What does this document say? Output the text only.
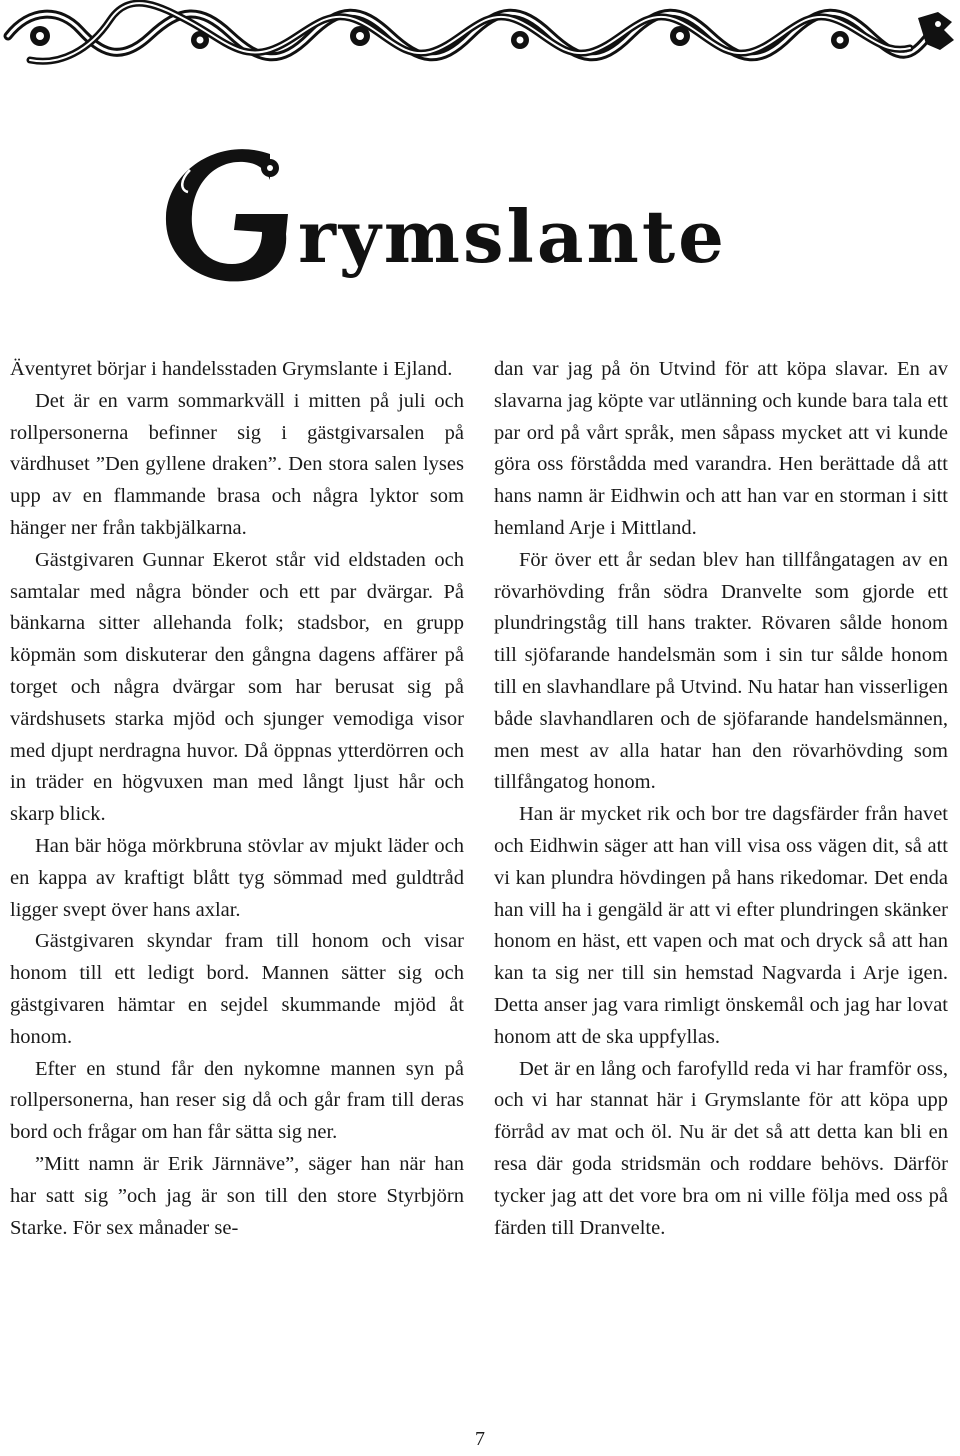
rymslante

Äventyret börjar i handelsstaden Grymslante i Ejland.

Det är en varm sommarkväll i mitten på juli och rollpersonerna befinner sig i gästgivarsalen på värdhuset ”Den gyllene draken”. Den stora salen lyses upp av en flammande brasa och några lyktor som hänger ner från takbjälkarna.

Gästgivaren Gunnar Ekerot står vid eldstaden och samtalar med några bönder och ett par dvärgar. På bänkarna sitter allehanda folk; stadsbor, en grupp köpmän som diskuterar den gångna dagens affärer på torget och några dvärgar som har berusat sig på värdshusets starka mjöd och sjunger vemodiga visor med djupt nerdragna huvor. Då öppnas ytterdörren och in träder en högvuxen man med långt ljust hår och skarp blick.

Han bär höga mörkbruna stövlar av mjukt läder och en kappa av kraftigt blått tyg sömmad med guldtråd ligger svept över hans axlar.

Gästgivaren skyndar fram till honom och visar honom till ett ledigt bord. Mannen sätter sig och gästgivaren hämtar en sejdel skummande mjöd åt honom.

Efter en stund får den nykomne mannen syn på rollpersonerna, han reser sig då och går fram till deras bord och frågar om han får sätta sig ner.

”Mitt namn är Erik Järnnäve”, säger han när han har satt sig ”och jag är son till den store Styrbjörn Starke. För sex månader se-

dan var jag på ön Utvind för att köpa slavar. En av slavarna jag köpte var utlänning och kunde bara tala ett par ord på vårt språk, men såpass mycket att vi kunde göra oss förstådda med varandra. Hen berättade då att hans namn är Eidhwin och att han var en storman i sitt hemland Arje i Mittland.

För över ett år sedan blev han tillfångatagen av en rövarhövding från södra Dranvelte som gjorde ett plundringståg till hans trakter. Rövaren sålde honom till sjöfarande handelsmän som i sin tur sålde honom till en slavhandlare på Utvind. Nu hatar han visserligen både slavhandlaren och de sjöfarande handelsmännen, men mest av alla hatar han den rövarhövding som tillfångatog honom.

Han är mycket rik och bor tre dagsfärder från havet och Eidhwin säger att han vill visa oss vägen dit, så att vi kan plundra hövdingen på hans rikedomar. Det enda han vill ha i gengäld är att vi efter plundringen skänker honom en häst, ett vapen och mat och dryck så att han kan ta sig ner till sin hemstad Nagvarda i Arje igen. Detta anser jag vara rimligt önskemål och jag har lovat honom att de ska uppfyllas.

Det är en lång och farofylld reda vi har framför oss, och vi har stannat här i Grymslante för att köpa upp förråd av mat och öl. Nu är det så att detta kan bli en resa där goda stridsmän och roddare behövs. Därför tycker jag att det vore bra om ni ville följa med oss på färden till Dranvelte.

7
